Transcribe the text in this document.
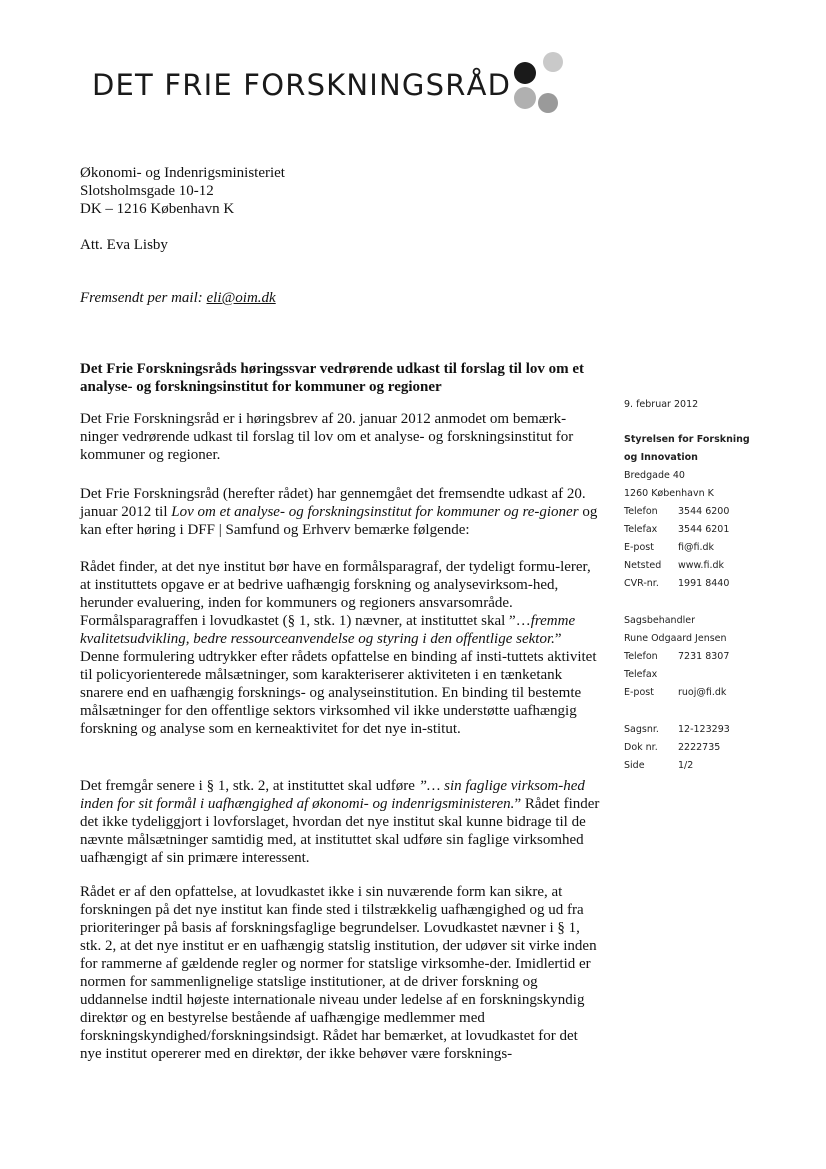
DET FRIE FORSKNINGSRÅD
Økonomi- og Indenrigsministeriet
Slotsholmsgade 10-12
DK – 1216 København K
Att. Eva Lisby
Fremsendt per mail: eli@oim.dk
Det Frie Forskningsråds høringssvar vedrørende udkast til forslag til lov om et analyse- og forskningsinstitut for kommuner og regioner

Det Frie Forskningsråd er i høringsbrev af 20. januar 2012 anmodet om bemærk-ninger vedrørende udkast til forslag til lov om et analyse- og forskningsinstitut for kommuner og regioner.

Det Frie Forskningsråd (herefter rådet) har gennemgået det fremsendte udkast af 20. januar 2012 til Lov om et analyse- og forskningsinstitut for kommuner og re-gioner og kan efter høring i DFF | Samfund og Erhverv bemærke følgende:

Rådet finder, at det nye institut bør have en formålsparagraf, der tydeligt formu-lerer, at instituttets opgave er at bedrive uafhængig forskning og analysevirksom-hed, herunder evaluering, inden for kommuners og regioners ansvarsområde. Formålsparagraffen i lovudkastet (§ 1, stk. 1) nævner, at instituttet skal ”…fremme kvalitetsudvikling, bedre ressourceanvendelse og styring i den offentlige sektor.” Denne formulering udtrykker efter rådets opfattelse en binding af insti-tuttets aktivitet til policyorienterede målsætninger, som karakteriserer aktiviteten i en tænketank snarere end en uafhængig forsknings- og analyseinstitution. En binding til bestemte målsætninger for den offentlige sektors virksomhed vil ikke understøtte uafhængig forskning og analyse som en kerneaktivitet for det nye in-stitut.

Det fremgår senere i § 1, stk. 2, at instituttet skal udføre ”… sin faglige virksom-hed inden for sit formål i uafhængighed af økonomi- og indenrigsministeren.” Rådet finder det ikke tydeliggjort i lovforslaget, hvordan det nye institut skal kunne bidrage til de nævnte målsætninger samtidig med, at instituttet skal udføre sin faglige virksomhed uafhængigt af sin primære interessent.

Rådet er af den opfattelse, at lovudkastet ikke i sin nuværende form kan sikre, at forskningen på det nye institut kan finde sted i tilstrækkelig uafhængighed og ud fra prioriteringer på basis af forskningsfaglige begrundelser. Lovudkastet nævner i § 1, stk. 2, at det nye institut er en uafhængig statslig institution, der udøver sit virke inden for rammerne af gældende regler og normer for statslige virksomhe-der. Imidlertid er normen for sammenlignelige statslige institutioner, at de driver forskning og uddannelse indtil højeste internationale niveau under ledelse af en forskningskyndig direktør og en bestyrelse bestående af uafhængige medlemmer med forskningskyndighed/forskningsindsigt. Rådet har bemærket, at lovudkastet for det nye institut opererer med en direktør, der ikke behøver være forsknings-

9. februar 2012
Styrelsen for Forskning
og Innovation
Bredgade 40
1260 København K
Telefon 3544 6200
Telefax 3544 6201
E-post	fi@fi.dk
Netsted www.fi.dk
CVR-nr. 1991 8440
Sagsbehandler
Rune Odgaard Jensen
Telefon 7231 8307
Telefax
E-post	ruoj@fi.dk
Sagsnr. 12-123293
Dok nr. 2222735
Side	1/2
